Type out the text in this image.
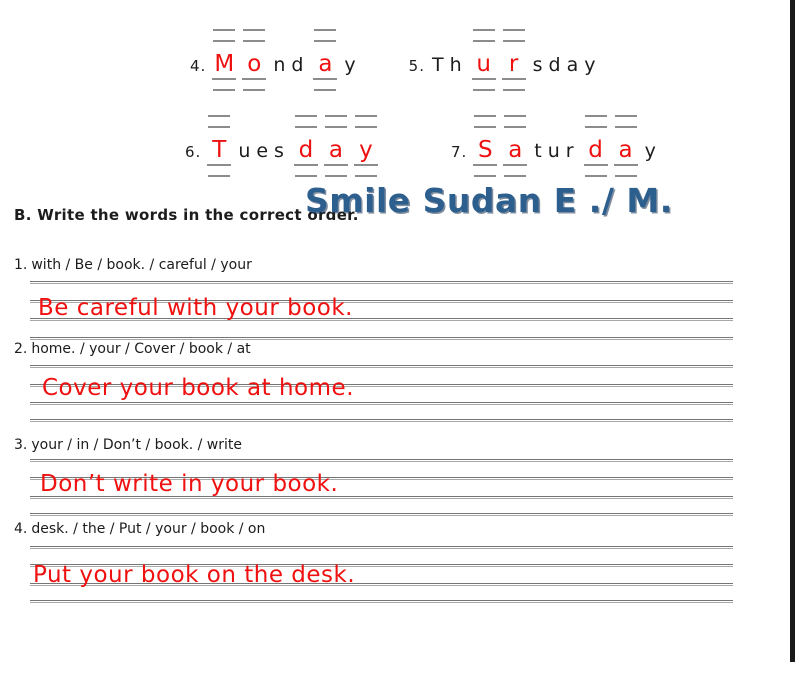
4. M o nd a y	5. Th u r sday
6. T ues d a y	7. S a tur d a y
Smile Sudan E ./ M.
B. Write the words in the correct order.
1. with / Be / book. / careful / your
Be careful with your book.
2. home. / your / Cover / book / at
Cover your book at home.
3. your / in / Don’t / book. / write
Don’t write in your book.
4. desk. / the / Put / your / book / on
Put your book on the desk.
